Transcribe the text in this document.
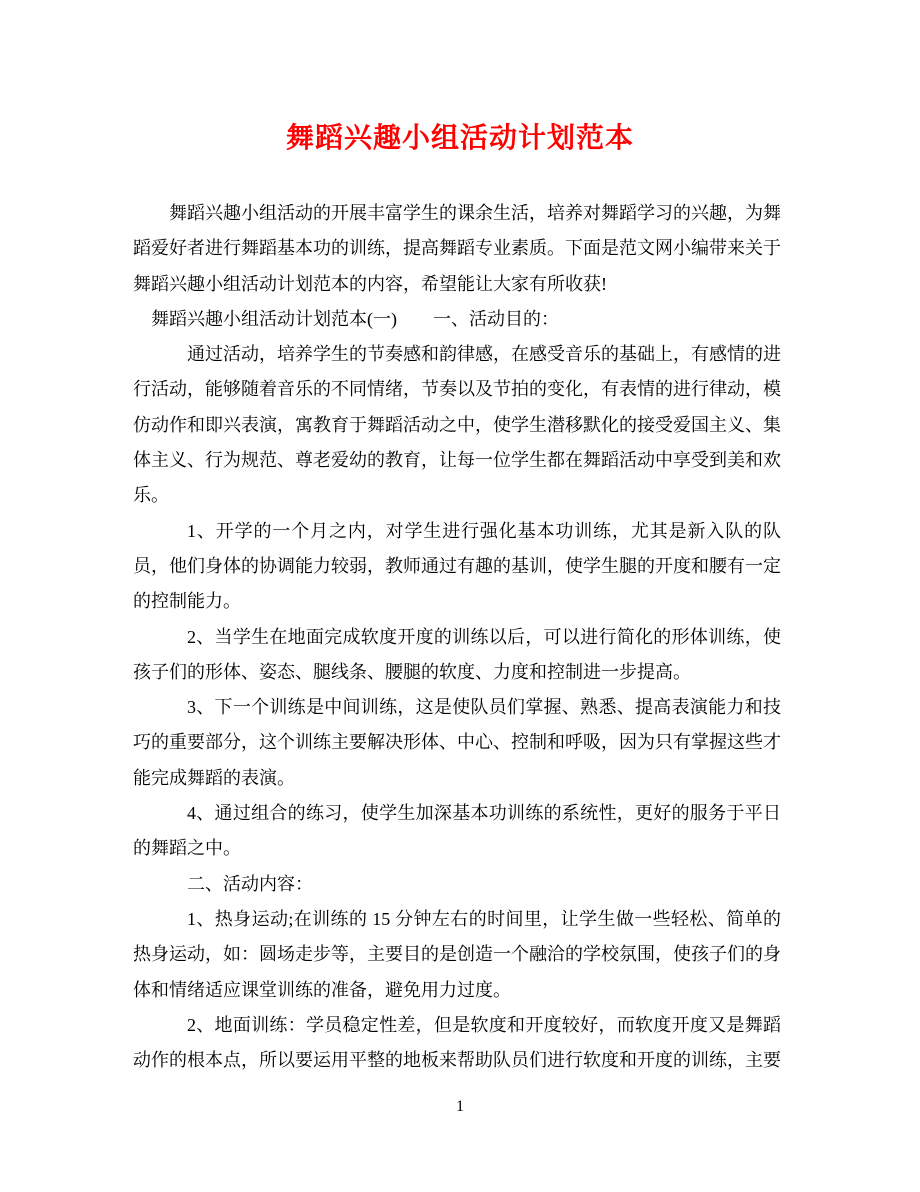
舞蹈兴趣小组活动计划范本

舞蹈兴趣小组活动的开展丰富学生的课余生活，培养对舞蹈学习的兴趣，为舞蹈爱好者进行舞蹈基本功的训练，提高舞蹈专业素质。下面是范文网小编带来关于舞蹈兴趣小组活动计划范本的内容，希望能让大家有所收获!

舞蹈兴趣小组活动计划范本(一)　　一、活动目的：

通过活动，培养学生的节奏感和韵律感，在感受音乐的基础上，有感情的进行活动，能够随着音乐的不同情绪，节奏以及节拍的变化，有表情的进行律动，模仿动作和即兴表演，寓教育于舞蹈活动之中，使学生潜移默化的接受爱国主义、集体主义、行为规范、尊老爱幼的教育，让每一位学生都在舞蹈活动中享受到美和欢乐。

1、开学的一个月之内，对学生进行强化基本功训练，尤其是新入队的队员，他们身体的协调能力较弱，教师通过有趣的基训，使学生腿的开度和腰有一定的控制能力。

2、当学生在地面完成软度开度的训练以后，可以进行简化的形体训练，使孩子们的形体、姿态、腿线条、腰腿的软度、力度和控制进一步提高。

3、下一个训练是中间训练，这是使队员们掌握、熟悉、提高表演能力和技巧的重要部分，这个训练主要解决形体、中心、控制和呼吸，因为只有掌握这些才能完成舞蹈的表演。

4、通过组合的练习，使学生加深基本功训练的系统性，更好的服务于平日的舞蹈之中。

二、活动内容：

1、热身运动;在训练的 15 分钟左右的时间里，让学生做一些轻松、简单的热身运动，如：圆场走步等，主要目的是创造一个融洽的学校氛围，使孩子们的身体和情绪适应课堂训练的准备，避免用力过度。

2、地面训练：学员稳定性差，但是软度和开度较好，而软度开度又是舞蹈动作的根本点，所以要运用平整的地板来帮助队员们进行软度和开度的训练，主要

1
